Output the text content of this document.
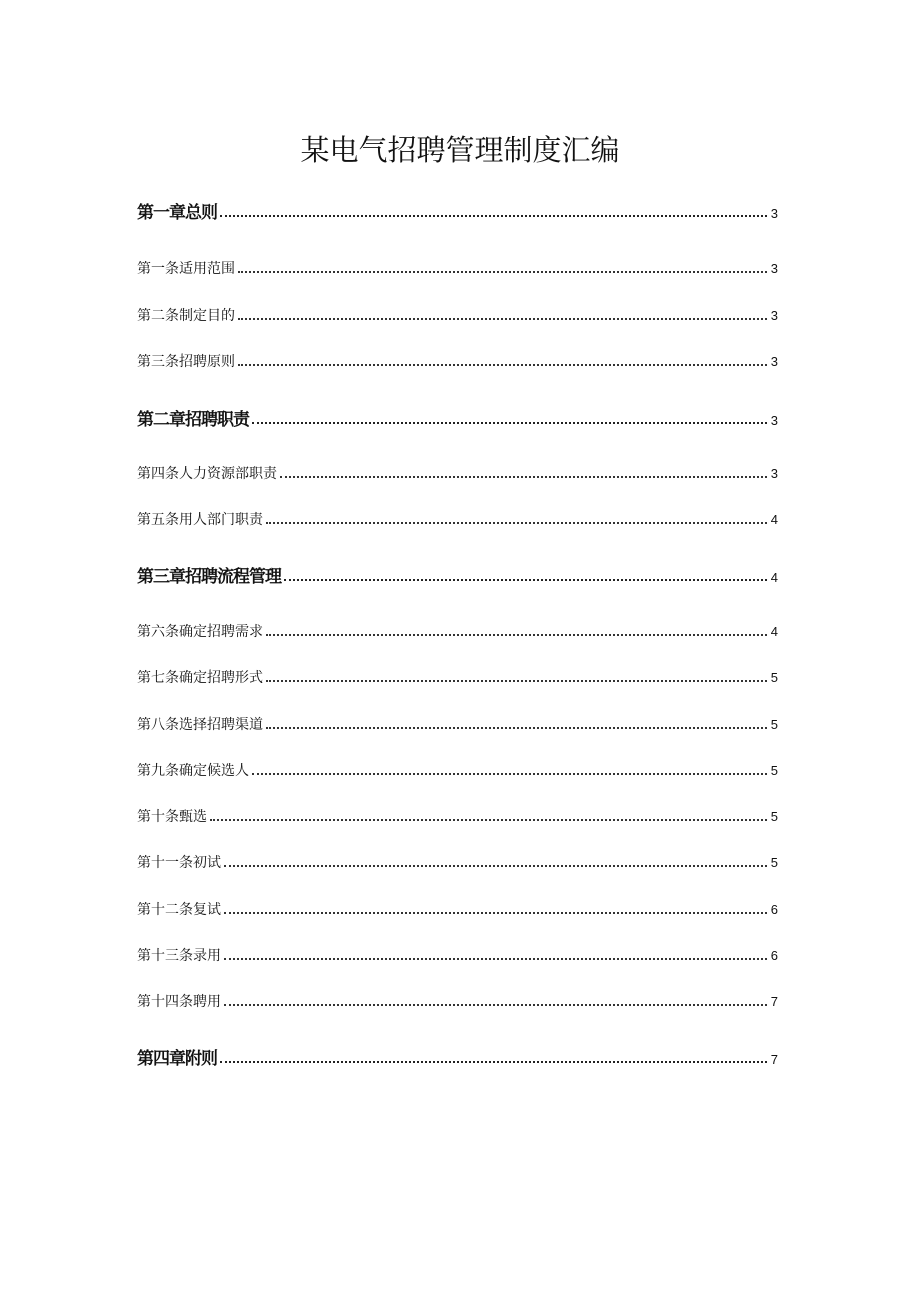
某电气招聘管理制度汇编
第一章总则	3
第一条适用范围	3
第二条制定目的	3
第三条招聘原则	3
第二章招聘职责	3
第四条人力资源部职责	3
第五条用人部门职责	4
第三章招聘流程管理	4
第六条确定招聘需求	4
第七条确定招聘形式	5
第八条选择招聘渠道	5
第九条确定候选人	5
第十条甄选	5
第十一条初试	5
第十二条复试	6
第十三条录用	6
第十四条聘用	7
第四章附则	7
